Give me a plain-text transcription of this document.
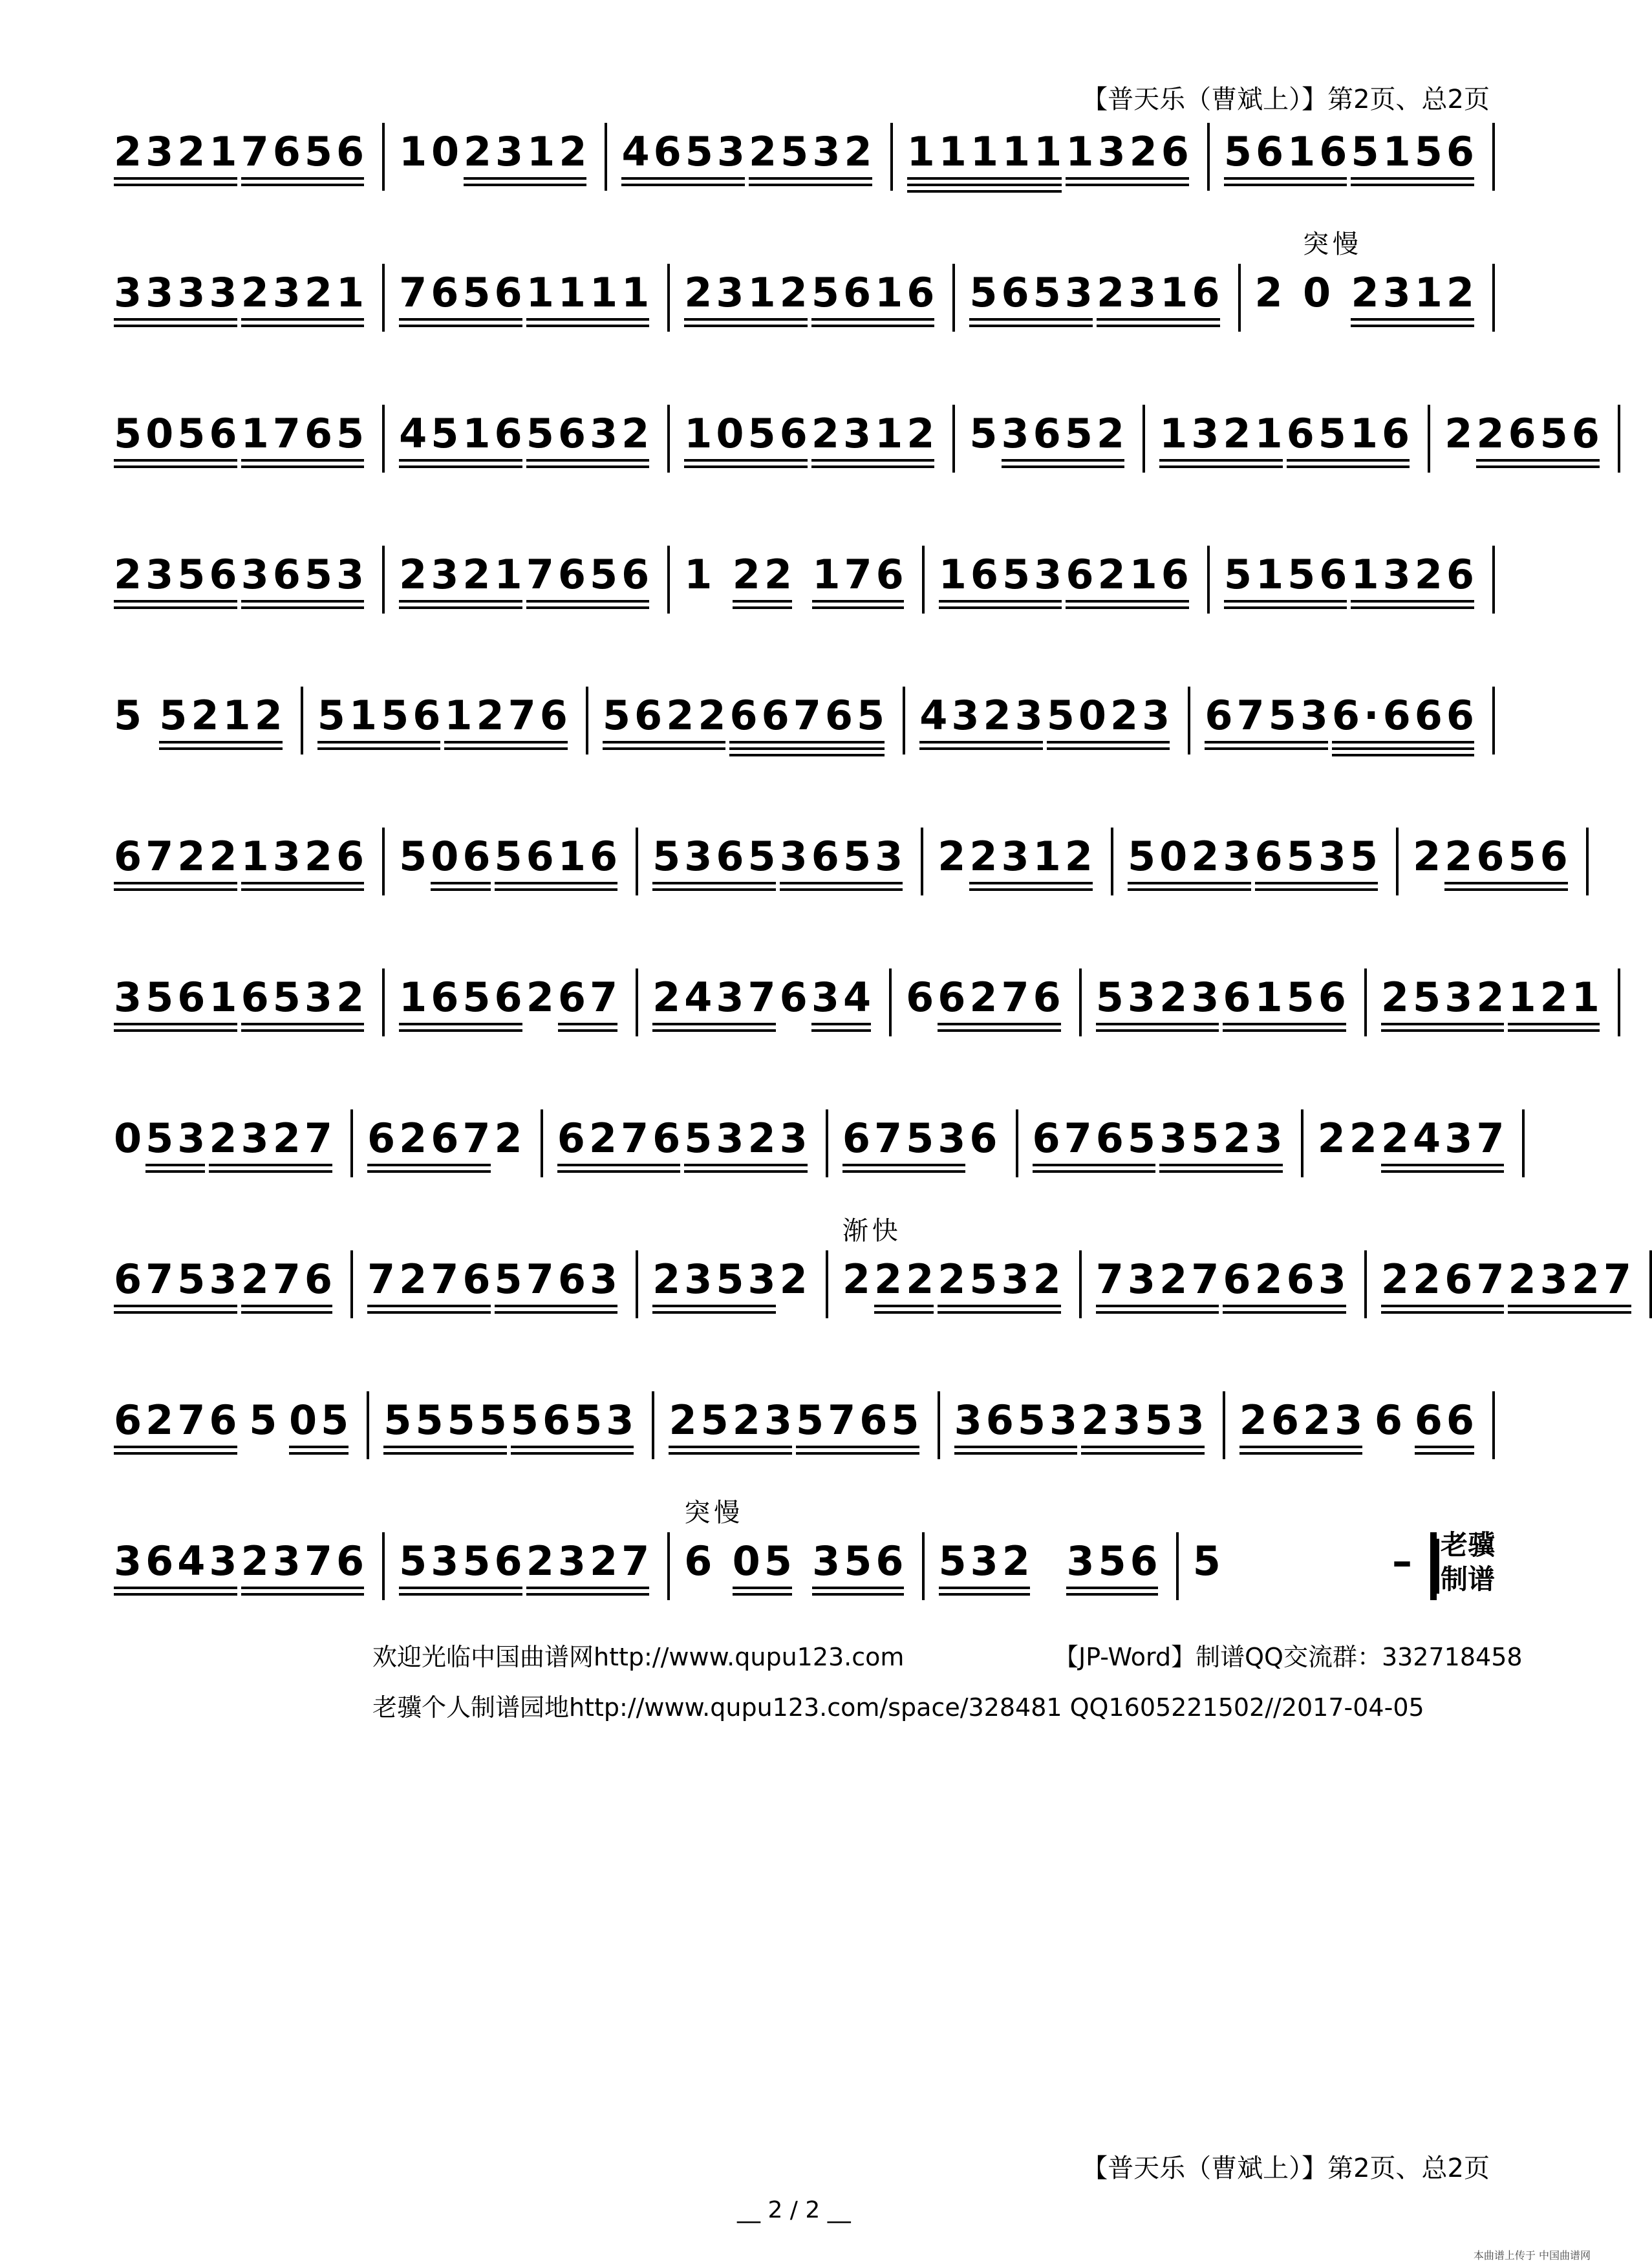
【普天乐（曹斌上）】第2页、总2页
2321 7656 1 0 2312 4653 2532 11111 1326 5616 5156
3333 2321 7656 1111 2312 5616 5653 2316 2 0
突慢
2312
5056 1765 4516 5632 1056 2312 5 3652 1321 6516 2 2656
2356 3653 2321 7656 1 22 176 1653 6216 5156 1326
5 5212 5156 1276 5622 66765 4323 5023 6753 6·666
6722 1326 5 06 5616 5365 3653 2 2312 5023 6535 2 2656
3561 6532 1656 2 67 2437 6 34 6 6276 5323 6156 2532 121
0 53 2327 6267 2 6276 5323 6753 6 6765 3523 2 2 2437
6753 276 7276 5763 2353 2 2
渐快
22 2532 7327 6263 2267 2327
6276 5 05 5555 5653 2523 5765 3653 2353 2623 6 66
3643 2376 5356 2327 6
突慢
05 356 532 356 5	– 老骥
制谱
欢迎光临中国曲谱网http://www.qupu123.com	【JP-Word】制谱QQ交流群：332718458
老骥个人制谱园地http://www.qupu123.com/space/328481 QQ1605221502//2017-04-05
【普天乐（曹斌上）】第2页、总2页
__ 2 / 2 __
本曲谱上传于 中国曲谱网
